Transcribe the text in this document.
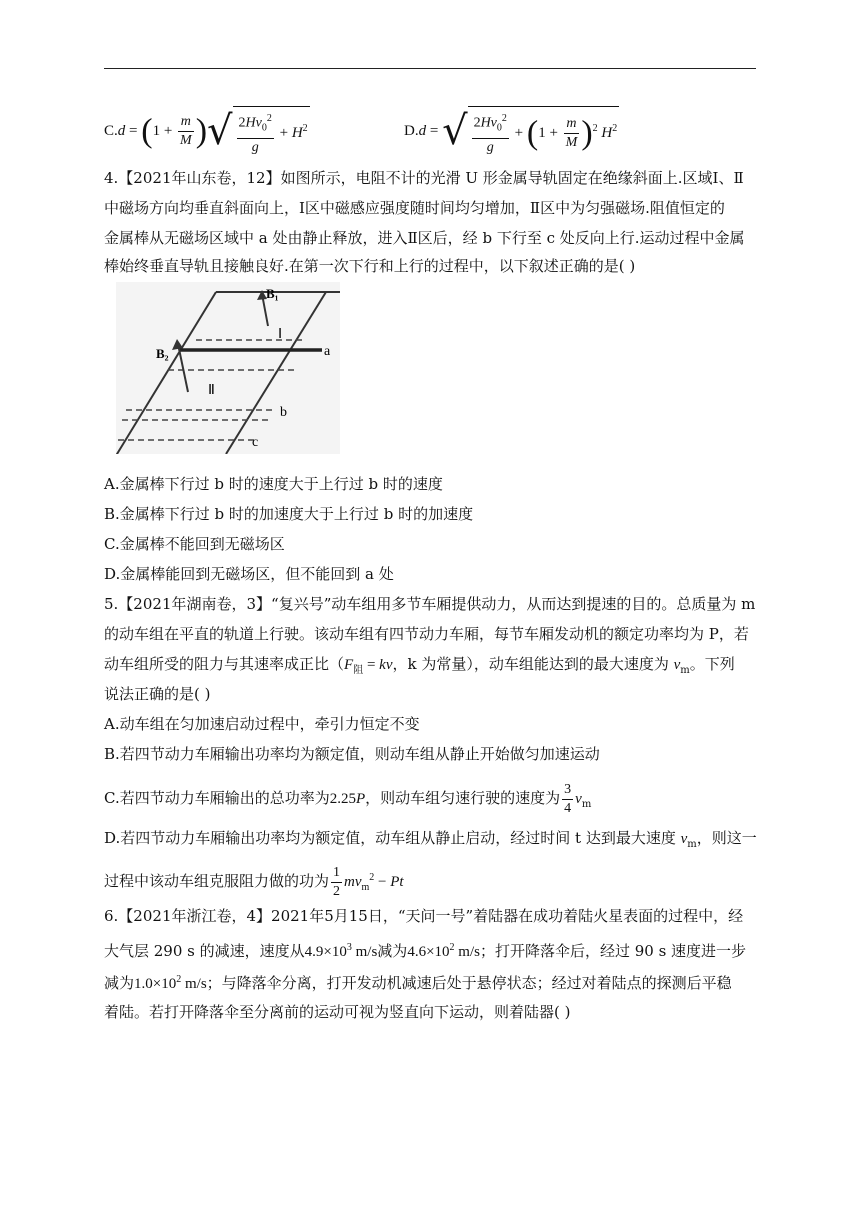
$C.d = (1 + \frac{m}{M}$ )√ $\frac{2Hv_0^2}{g} + H^2$	D.d = √ $\frac{2Hv_0^2}{g} + (1 + \frac{m}{M} )^2$ $H^2$
4.【2021年山东卷，12】如图所示，电阻不计的光滑 U 形金属导轨固定在绝缘斜面上.区域Ⅰ、Ⅱ
中磁场方向均垂直斜面向上，Ⅰ区中磁感应强度随时间均匀增加，Ⅱ区中为匀强磁场.阻值恒定的
金属棒从无磁场区域中 a 处由静止释放，进入Ⅱ区后，经 b 下行至 c 处反向上行.运动过程中金属
棒始终垂直导轨且接触良好.在第一次下行和上行的过程中，以下叙述正确的是( )
B₁
Ⅰ
B₂	a
Ⅱ
b
c
A.金属棒下行过 b 时的速度大于上行过 b 时的速度
B.金属棒下行过 b 时的加速度大于上行过 b 时的加速度
C.金属棒不能回到无磁场区
D.金属棒能回到无磁场区，但不能回到 a 处
5.【2021年湖南卷，3】“复兴号”动车组用多节车厢提供动力，从而达到提速的目的。总质量为 m
的动车组在平直的轨道上行驶。该动车组有四节动力车厢，每节车厢发动机的额定功率均为 P，若
动车组所受的阻力与其速率成正比（$F_阻$ = kv，k 为常量），动车组能达到的最大速度为 $v_m$。下列
说法正确的是( )
A.动车组在匀加速启动过程中，牵引力恒定不变
B.若四节动力车厢输出功率均为额定值，则动车组从静止开始做匀加速运动
C.若四节动力车厢输出的总功率为2.25P，则动车组匀速行驶的速度为 $\frac{3}{4} v_m$
D.若四节动力车厢输出功率均为额定值，动车组从静止启动，经过时间 t 达到最大速度 $v_m$，则这一
过程中该动车组克服阻力做的功为 $\frac{1}{2} mv_m^2 - Pt$
6.【2021年浙江卷，4】2021年5月15日，“天问一号”着陆器在成功着陆火星表面的过程中，经
大气层 290 s 的减速，速度从$4.9\times 10^3$ m/s减为$4.6\times 10^2$ m/s；打开降落伞后，经过 90 s 速度进一步
减为$1.0\times 10^2$ m/s；与降落伞分离，打开发动机减速后处于悬停状态；经过对着陆点的探测后平稳
着陆。若打开降落伞至分离前的运动可视为竖直向下运动，则着陆器( )
